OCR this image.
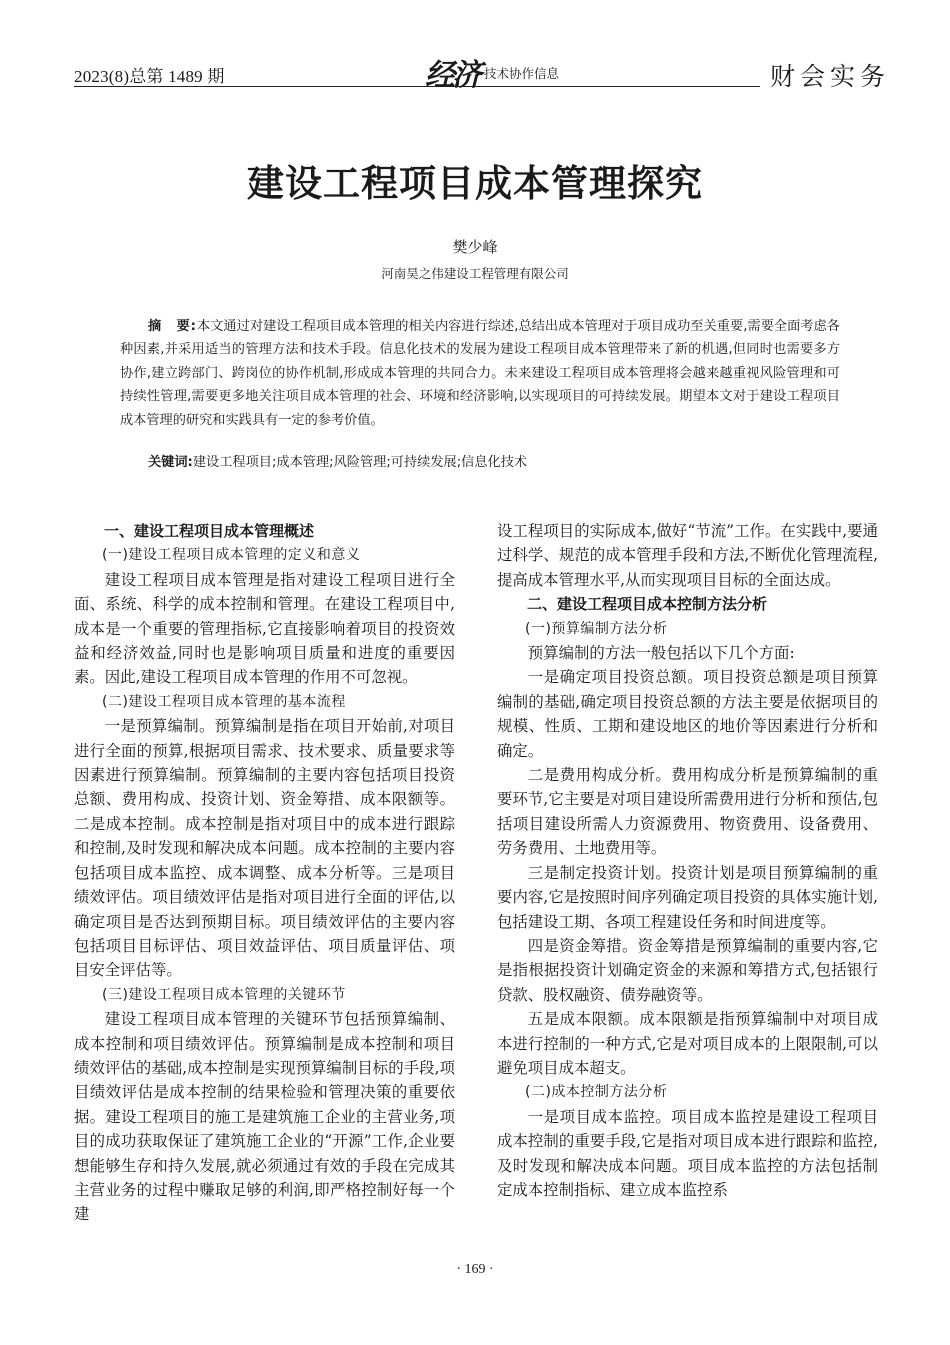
2023(8)总第 1489 期	经济 技术协作信息	财会实务
建设工程项目成本管理探究
樊少峰
河南昊之伟建设工程管理有限公司
摘　要:本文通过对建设工程项目成本管理的相关内容进行综述,总结出成本管理对于项目成功至关重要,需要全面考虑各种因素,并采用适当的管理方法和技术手段。信息化技术的发展为建设工程项目成本管理带来了新的机遇,但同时也需要多方协作,建立跨部门、跨岗位的协作机制,形成成本管理的共同合力。未来建设工程项目成本管理将会越来越重视风险管理和可持续性管理,需要更多地关注项目成本管理的社会、环境和经济影响,以实现项目的可持续发展。期望本文对于建设工程项目成本管理的研究和实践具有一定的参考价值。
关键词:建设工程项目;成本管理;风险管理;可持续发展;信息化技术
一、建设工程项目成本管理概述
(一)建设工程项目成本管理的定义和意义

建设工程项目成本管理是指对建设工程项目进行全面、系统、科学的成本控制和管理。在建设工程项目中,成本是一个重要的管理指标,它直接影响着项目的投资效益和经济效益,同时也是影响项目质量和进度的重要因素。因此,建设工程项目成本管理的作用不可忽视。

(二)建设工程项目成本管理的基本流程

一是预算编制。预算编制是指在项目开始前,对项目进行全面的预算,根据项目需求、技术要求、质量要求等因素进行预算编制。预算编制的主要内容包括项目投资总额、费用构成、投资计划、资金筹措、成本限额等。二是成本控制。成本控制是指对项目中的成本进行跟踪和控制,及时发现和解决成本问题。成本控制的主要内容包括项目成本监控、成本调整、成本分析等。三是项目绩效评估。项目绩效评估是指对项目进行全面的评估,以确定项目是否达到预期目标。项目绩效评估的主要内容包括项目目标评估、项目效益评估、项目质量评估、项目安全评估等。

(三)建设工程项目成本管理的关键环节

建设工程项目成本管理的关键环节包括预算编制、成本控制和项目绩效评估。预算编制是成本控制和项目绩效评估的基础,成本控制是实现预算编制目标的手段,项目绩效评估是成本控制的结果检验和管理决策的重要依据。建设工程项目的施工是建筑施工企业的主营业务,项目的成功获取保证了建筑施工企业的“开源”工作,企业要想能够生存和持久发展,就必须通过有效的手段在完成其主营业务的过程中赚取足够的利润,即严格控制好每一个建

设工程项目的实际成本,做好“节流”工作。在实践中,要通过科学、规范的成本管理手段和方法,不断优化管理流程,提高成本管理水平,从而实现项目目标的全面达成。

二、建设工程项目成本控制方法分析
(一)预算编制方法分析

预算编制的方法一般包括以下几个方面:

一是确定项目投资总额。项目投资总额是项目预算编制的基础,确定项目投资总额的方法主要是依据项目的规模、性质、工期和建设地区的地价等因素进行分析和确定。

二是费用构成分析。费用构成分析是预算编制的重要环节,它主要是对项目建设所需费用进行分析和预估,包括项目建设所需人力资源费用、物资费用、设备费用、劳务费用、土地费用等。

三是制定投资计划。投资计划是项目预算编制的重要内容,它是按照时间序列确定项目投资的具体实施计划,包括建设工期、各项工程建设任务和时间进度等。

四是资金筹措。资金筹措是预算编制的重要内容,它是指根据投资计划确定资金的来源和筹措方式,包括银行贷款、股权融资、债券融资等。

五是成本限额。成本限额是指预算编制中对项目成本进行控制的一种方式,它是对项目成本的上限限制,可以避免项目成本超支。

(二)成本控制方法分析

一是项目成本监控。项目成本监控是建设工程项目成本控制的重要手段,它是指对项目成本进行跟踪和监控,及时发现和解决成本问题。项目成本监控的方法包括制定成本控制指标、建立成本监控系

· 169 ·
